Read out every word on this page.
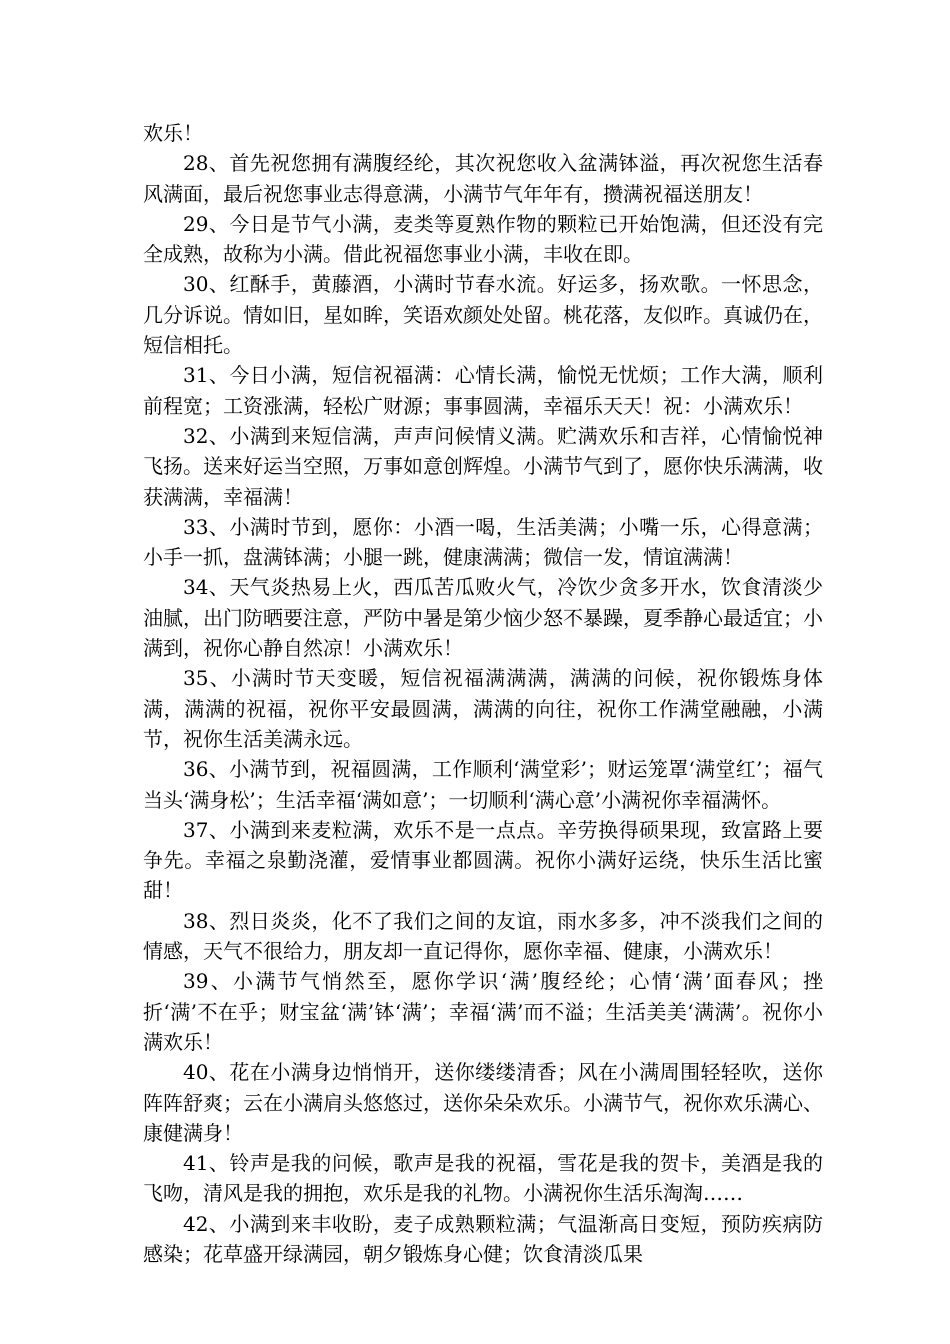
欢乐！

28、首先祝您拥有满腹经纶，其次祝您收入盆满钵溢，再次祝您生活春风满面，最后祝您事业志得意满，小满节气年年有，攒满祝福送朋友！

29、今日是节气小满，麦类等夏熟作物的颗粒已开始饱满，但还没有完全成熟，故称为小满。借此祝福您事业小满，丰收在即。

30、红酥手，黄藤酒，小满时节春水流。好运多，扬欢歌。一怀思念，几分诉说。情如旧，星如眸，笑语欢颜处处留。桃花落，友似昨。真诚仍在，短信相托。

31、今日小满，短信祝福满：心情长满，愉悦无忧烦；工作大满，顺利前程宽；工资涨满，轻松广财源；事事圆满，幸福乐天天！祝：小满欢乐！

32、小满到来短信满，声声问候情义满。贮满欢乐和吉祥，心情愉悦神飞扬。送来好运当空照，万事如意创辉煌。小满节气到了，愿你快乐满满，收获满满，幸福满！

33、小满时节到，愿你：小酒一喝，生活美满；小嘴一乐，心得意满；小手一抓，盘满钵满；小腿一跳，健康满满；微信一发，情谊满满！

34、天气炎热易上火，西瓜苦瓜败火气，冷饮少贪多开水，饮食清淡少油腻，出门防晒要注意，严防中暑是第少恼少怒不暴躁，夏季静心最适宜；小满到，祝你心静自然凉！小满欢乐！

35、小满时节天变暖，短信祝福满满满，满满的问候，祝你锻炼身体满，满满的祝福，祝你平安最圆满，满满的向往，祝你工作满堂融融，小满节，祝你生活美满永远。

36、小满节到，祝福圆满，工作顺利‘满堂彩’；财运笼罩‘满堂红’；福气当头‘满身松’；生活幸福‘满如意’；一切顺利‘满心意’小满祝你幸福满怀。

37、小满到来麦粒满，欢乐不是一点点。辛劳换得硕果现，致富路上要争先。幸福之泉勤浇灌，爱情事业都圆满。祝你小满好运绕，快乐生活比蜜甜！

38、烈日炎炎，化不了我们之间的友谊，雨水多多，冲不淡我们之间的情感，天气不很给力，朋友却一直记得你，愿你幸福、健康，小满欢乐！

39、小满节气悄然至，愿你学识‘满’腹经纶；心情‘满’面春风；挫折‘满’不在乎；财宝盆‘满’钵‘满’；幸福‘满’而不溢；生活美美‘满满’。祝你小满欢乐！

40、花在小满身边悄悄开，送你缕缕清香；风在小满周围轻轻吹，送你阵阵舒爽；云在小满肩头悠悠过，送你朵朵欢乐。小满节气，祝你欢乐满心、康健满身！

41、铃声是我的问候，歌声是我的祝福，雪花是我的贺卡，美酒是我的飞吻，清风是我的拥抱，欢乐是我的礼物。小满祝你生活乐淘淘……

42、小满到来丰收盼，麦子成熟颗粒满；气温渐高日变短，预防疾病防感染；花草盛开绿满园，朝夕锻炼身心健；饮食清淡瓜果
